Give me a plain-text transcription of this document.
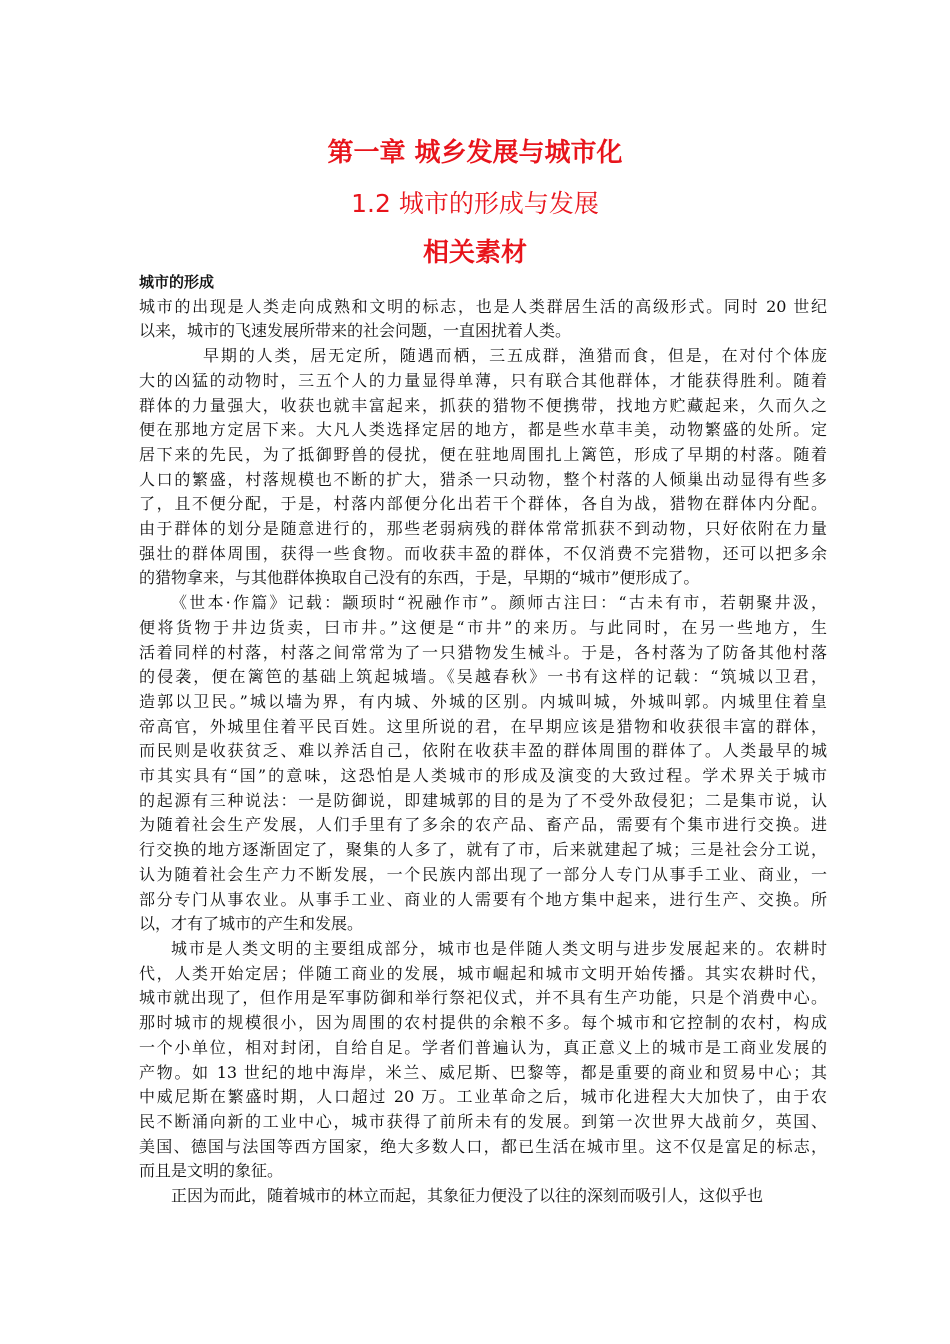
第一章 城乡发展与城市化
1.2 城市的形成与发展
相关素材

城市的形成

城市的出现是人类走向成熟和文明的标志，也是人类群居生活的高级形式。同时 20 世纪
以来，城市的飞速发展所带来的社会问题，一直困扰着人类。

早期的人类，居无定所，随遇而栖，三五成群，渔猎而食，但是，在对付个体庞
大的凶猛的动物时，三五个人的力量显得单薄，只有联合其他群体，才能获得胜利。随着
群体的力量强大，收获也就丰富起来，抓获的猎物不便携带，找地方贮藏起来，久而久之
便在那地方定居下来。大凡人类选择定居的地方，都是些水草丰美，动物繁盛的处所。定
居下来的先民，为了抵御野兽的侵扰，便在驻地周围扎上篱笆，形成了早期的村落。随着
人口的繁盛，村落规模也不断的扩大，猎杀一只动物，整个村落的人倾巢出动显得有些多
了，且不便分配，于是，村落内部便分化出若干个群体，各自为战，猎物在群体内分配。
由于群体的划分是随意进行的，那些老弱病残的群体常常抓获不到动物，只好依附在力量
强壮的群体周围，获得一些食物。而收获丰盈的群体，不仅消费不完猎物，还可以把多余
的猎物拿来，与其他群体换取自己没有的东西，于是，早期的“城市”便形成了。

《世本·作篇》记载：颛顼时“祝融作市”。颜师古注曰：“古未有市，若朝聚井汲，
便将货物于井边货卖，曰市井。”这便是“市井”的来历。与此同时，在另一些地方，生
活着同样的村落，村落之间常常为了一只猎物发生械斗。于是，各村落为了防备其他村落
的侵袭，便在篱笆的基础上筑起城墙。《吴越春秋》一书有这样的记载：“筑城以卫君，
造郭以卫民。”城以墙为界，有内城、外城的区别。内城叫城，外城叫郭。内城里住着皇
帝高官，外城里住着平民百姓。这里所说的君，在早期应该是猎物和收获很丰富的群体，
而民则是收获贫乏、难以养活自己，依附在收获丰盈的群体周围的群体了。人类最早的城
市其实具有“国”的意味，这恐怕是人类城市的形成及演变的大致过程。学术界关于城市
的起源有三种说法：一是防御说，即建城郭的目的是为了不受外敌侵犯；二是集市说，认
为随着社会生产发展，人们手里有了多余的农产品、畜产品，需要有个集市进行交换。进
行交换的地方逐渐固定了，聚集的人多了，就有了市，后来就建起了城；三是社会分工说，
认为随着社会生产力不断发展，一个民族内部出现了一部分人专门从事手工业、商业，一
部分专门从事农业。从事手工业、商业的人需要有个地方集中起来，进行生产、交换。所
以，才有了城市的产生和发展。

城市是人类文明的主要组成部分，城市也是伴随人类文明与进步发展起来的。农耕时
代，人类开始定居；伴随工商业的发展，城市崛起和城市文明开始传播。其实农耕时代，
城市就出现了，但作用是军事防御和举行祭祀仪式，并不具有生产功能，只是个消费中心。
那时城市的规模很小，因为周围的农村提供的余粮不多。每个城市和它控制的农村，构成
一个小单位，相对封闭，自给自足。学者们普遍认为，真正意义上的城市是工商业发展的
产物。如 13 世纪的地中海岸，米兰、威尼斯、巴黎等，都是重要的商业和贸易中心；其
中威尼斯在繁盛时期，人口超过 20 万。工业革命之后，城市化进程大大加快了，由于农
民不断涌向新的工业中心，城市获得了前所未有的发展。到第一次世界大战前夕，英国、
美国、德国与法国等西方国家，绝大多数人口，都已生活在城市里。这不仅是富足的标志，
而且是文明的象征。

正因为而此，随着城市的林立而起，其象征力便没了以往的深刻而吸引人，这似乎也
